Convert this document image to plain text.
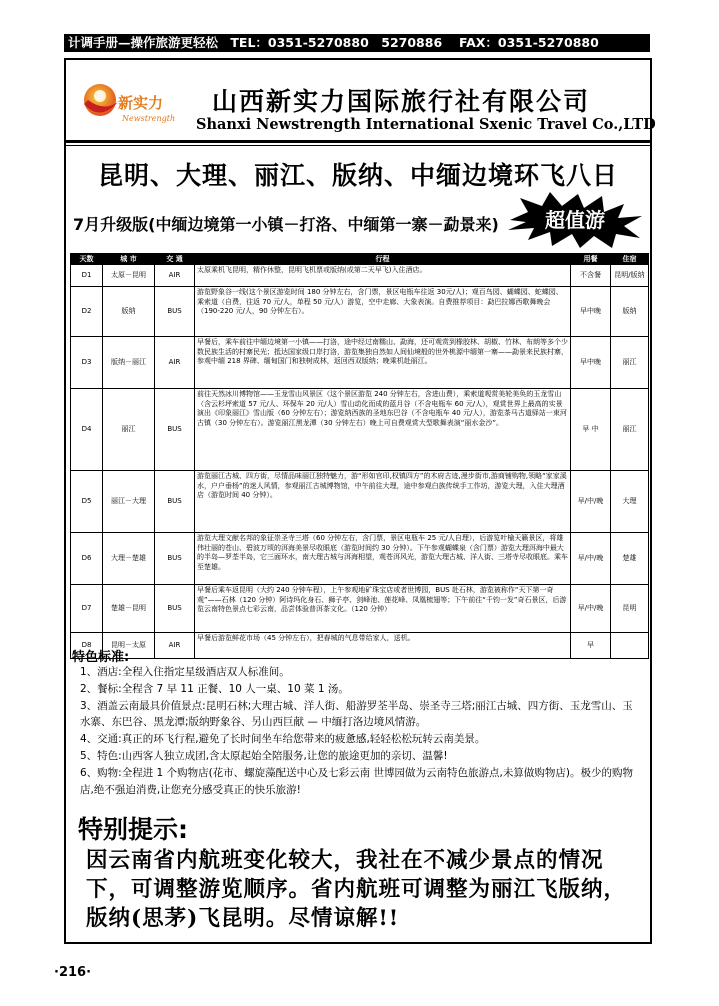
计调手册—操作旅游更轻松 TEL：0351-5270880　5270886　 FAX：0351-5270880
新实力
Newstrength
山西新实力国际旅行社有限公司
Shanxi Newstrength International Sxenic Travel Co.,LTD
昆明、大理、丽江、版纳、中缅边境环飞八日
7月升级版(中缅边境第一小镇－打洛、中缅第一寨－勐景来) 超值游
天数	城 市	交 通	行程	用餐	住宿
D1	太原－昆明	AIR	太原乘机飞昆明，精作休整，昆明飞机票或版纳(或第二天早飞)入住酒店。	不含餐	昆明/版纳
D2	版纳	BUS	游览野象谷一线(这个景区游览时间 180 分钟左右，含门票，景区电瓶车往返 30元/人)；观百鸟园、蝴蝶园、蛇蝶园、乘索道（自费，往返 70 元/人，单程 50 元/人）游览，空中走廊、大象表演。自费推荐项目：勐巴拉娜西歌舞晚会（190-220 元/人，90 分钟左右）。	早中晚	版纳
D3	版纳－丽江	AIR	早餐后，乘车前往中缅边境第一小镇——打洛，途中经过南糯山、勐海，还可观赏到橡胶林、胡椒、竹林、布朗等多个少数民族生活的村寨民光；抵达国家级口岸打洛，游览集独自然如人间仙境般的世外桃源中缅第一寨——勐景来民族村寨，参观中缅 218 界碑、缅甸国门和独树成林，返回西双版纳；晚乘机赴丽江。	早中晚	丽江
D4	丽江	BUS	前往天然冰川博物馆——玉龙雪山风景区（这个景区游览 240 分钟左右，含进山费），乘索道观赏美轮美奂的玉龙雪山（含云杉坪索道 57 元/人、环保车 20 元/人）雪山动化而成的蓝月谷（不含电瓶车 60 元/人），观赏世界上最高的实景演出《印象丽江》雪山版（60 分钟左右）；游览纳西族的圣地东巴谷（不含电瓶车 40 元/人），游览茶马古道驿站一束河古镇（30 分钟左右）。游览丽江黑龙潭（30 分钟左右）晚上可自费观赏大型歌舞表演“丽水金沙”。	早 中	丽江
D5	丽江－大理	BUS	游览丽江古城、四方街，尽情品味丽江独特魅力，游“形如官印,权镇四方”的木府古迹,漫步街市,游商铺购物,领略“家家溪水，户户垂杨”的迷人风情，参观丽江古城博物馆，中午前往大理，途中参观白族传统手工作坊，游览大理，入住大理酒店（游览时间 40 分钟）。	早/中/晚	大理
D6	大理－楚雄	BUS	游览大理文献名邦的象征崇圣寺三塔（60 分钟左右，含门票，景区电瓶车 25 元/人自理），后游览叶榆天籁景区，将雄伟壮丽的苍山、碧波万顷的洱海美景尽收眼底（游览时间约 30 分钟）。下午参观蝴蝶泉（含门票）游览大理洱海中最大的半岛—罗荃半岛，它三面环水，南大理古城与洱海相望，观苍洱风光，游览大理古城、洋人街、三塔寺尽收眼底。乘车至楚雄。	早/中/晚	楚雄
D7	楚雄－昆明	BUS	早餐后乘车返昆明（大约 240 分钟车程），上午参观地矿珠宝店或者世博园，BUS 赴石林，游览被称作“天下第一奇观”——石林（120 分钟）阿诗玛化身石、狮子亭、剑峰池、莲花峰、凤凰梳翅等；下午前往“千钧一发”奇石景区，后游览云南特色景点七彩云南，品尝体验普洱茶文化。（120 分钟）	早/中/晚	昆明
D8	昆明－太原	AIR	早餐后游览鲜花市场（45 分钟左右），把春城的气息带给家人，送机。	早	
特色标准:

1、酒店:全程入住指定星级酒店双人标准间。

2、餐标:全程含 7 早 11 正餐、10 人一桌、10 菜 1 汤。

3、酒盖云南最具价值景点:昆明石林;大理古城、洋人街、船游罗荃半岛、崇圣寺三塔;丽江古城、四方街、玉龙雪山、玉水寨、东巴谷、黑龙潭;版纳野象谷、另山西巨献 — 中缅打洛边境风情游。

4、交通:真正的环飞行程,避免了长时间坐车给您带来的疲惫感,轻轻松松玩转云南美景。

5、特色:山西客人独立成团,含太原起始全陪服务,让您的旅途更加的亲切、温馨!

6、购物:全程进 1 个购物店(花市、螺旋藻配送中心及七彩云南 世博园做为云南特色旅游点,未算做购物店)。极少的购物店,绝不强迫消费,让您充分感受真正的快乐旅游!

特别提示:
因云南省内航班变化较大，我社在不减少景点的情况下，可调整游览顺序。省内航班可调整为丽江飞版纳，版纳(思茅)飞昆明。尽情谅解!!
·216·
